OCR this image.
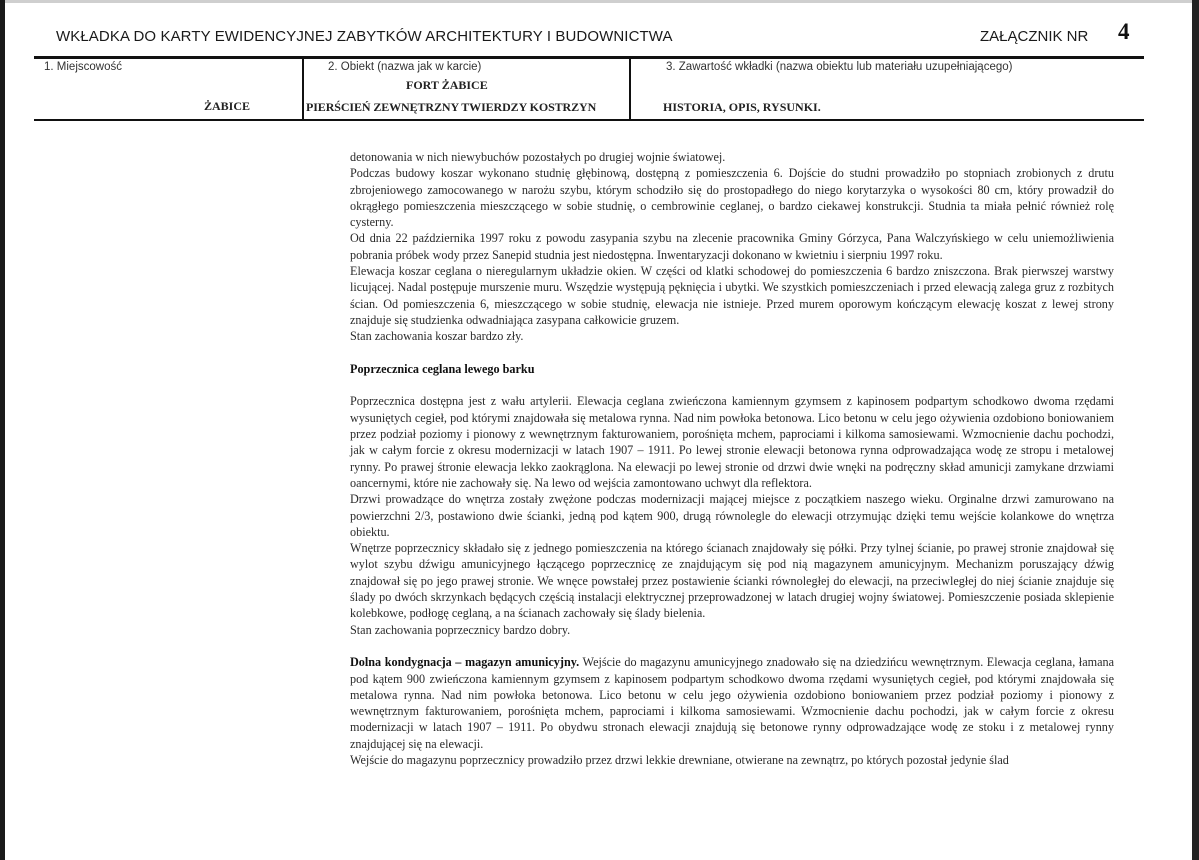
WKŁADKA DO KARTY EWIDENCYJNEJ ZABYTKÓW ARCHITEKTURY I BUDOWNICTWA	ZAŁĄCZNIK NR 4
1. Miejscowość
ŻABICE
2. Obiekt (nazwa jak w karcie)
FORT ŻABICE
PIERŚCIEŃ ZEWNĘTRZNY TWIERDZY KOSTRZYN
3. Zawartość wkładki (nazwa obiektu lub materiału uzupełniającego)
HISTORIA, OPIS, RYSUNKI.

detonowania w nich niewybuchów pozostałych po drugiej wojnie światowej.

Podczas budowy koszar wykonano studnię głębinową, dostępną z pomieszczenia 6. Dojście do studni prowadziło po stopniach zrobionych z drutu zbrojeniowego zamocowanego w narożu szybu, którym schodziło się do prostopadłego do niego korytarzyka o wysokości 80 cm, który prowadził do okrągłego pomieszczenia mieszczącego w sobie studnię, o cembrowinie ceglanej, o bardzo ciekawej konstrukcji. Studnia ta miała pełnić również rolę cysterny.

Od dnia 22 października 1997 roku z powodu zasypania szybu na zlecenie pracownika Gminy Górzyca, Pana Walczyńskiego w celu uniemożliwienia pobrania próbek wody przez Sanepid studnia jest niedostępna. Inwentaryzacji dokonano w kwietniu i sierpniu 1997 roku.

Elewacja koszar ceglana o nieregularnym układzie okien. W części od klatki schodowej do pomieszczenia 6 bardzo zniszczona. Brak pierwszej warstwy licującej. Nadal postępuje murszenie muru. Wszędzie występują pęknięcia i ubytki. We szystkich pomieszczeniach i przed elewacją zalega gruz z rozbitych ścian. Od pomieszczenia 6, mieszczącego w sobie studnię, elewacja nie istnieje. Przed murem oporowym kończącym elewację koszat z lewej strony znajduje się studzienka odwadniająca zasypana całkowicie gruzem.

Stan zachowania koszar bardzo zły.

Poprzecznica ceglana lewego barku

Poprzecznica dostępna jest z wału artylerii. Elewacja ceglana zwieńczona kamiennym gzymsem z kapinosem podpartym schodkowo dwoma rzędami wysuniętych cegieł, pod którymi znajdowała się metalowa rynna. Nad nim powłoka betonowa. Lico betonu w celu jego ożywienia ozdobiono boniowaniem przez podział poziomy i pionowy z wewnętrznym fakturowaniem, porośnięta mchem, paprociami i kilkoma samosiewami. Wzmocnienie dachu pochodzi, jak w całym forcie z okresu modernizacji w latach 1907 – 1911. Po lewej stronie elewacji betonowa rynna odprowadzająca wodę ze stropu i metalowej rynny. Po prawej śtronie elewacja lekko zaokrąglona. Na elewacji po lewej stronie od drzwi dwie wnęki na podręczny skład amunicji zamykane drzwiami oancernymi, które nie zachowały się. Na lewo od wejścia zamontowano uchwyt dla reflektora.

Drzwi prowadzące do wnętrza zostały zwężone podczas modernizacji mającej miejsce z początkiem naszego wieku. Orginalne drzwi zamurowano na powierzchni 2/3, postawiono dwie ścianki, jedną pod kątem 900, drugą równolegle do elewacji otrzymując dzięki temu wejście kolankowe do wnętrza obiektu.

Wnętrze poprzecznicy składało się z jednego pomieszczenia na którego ścianach znajdowały się półki. Przy tylnej ścianie, po prawej stronie znajdował się wylot szybu dźwigu amunicyjnego łączącego poprzecznicę ze znajdującym się pod nią magazynem amunicyjnym. Mechanizm poruszający dźwig znajdował się po jego prawej stronie. We wnęce powstałej przez postawienie ścianki równoległej do elewacji, na przeciwległej do niej ścianie znajduje się ślady po dwóch skrzynkach będących częścią instalacji elektrycznej przeprowadzonej w latach drugiej wojny światowej. Pomieszczenie posiada sklepienie kolebkowe, podłogę ceglaną, a na ścianach zachowały się ślady bielenia.

Stan zachowania poprzecznicy bardzo dobry.

Dolna kondygnacja – magazyn amunicyjny. Wejście do magazynu amunicyjnego znadowało się na dziedzińcu wewnętrznym. Elewacja ceglana, łamana pod kątem 900 zwieńczona kamiennym gzymsem z kapinosem podpartym schodkowo dwoma rzędami wysuniętych cegieł, pod którymi znajdowała się metalowa rynna. Nad nim powłoka betonowa. Lico betonu w celu jego ożywienia ozdobiono boniowaniem przez podział poziomy i pionowy z wewnętrznym fakturowaniem, porośnięta mchem, paprociami i kilkoma samosiewami. Wzmocnienie dachu pochodzi, jak w całym forcie z okresu modernizacji w latach 1907 – 1911. Po obydwu stronach elewacji znajdują się betonowe rynny odprowadzające wodę ze stoku i z metalowej rynny znajdującej się na elewacji.

Wejście do magazynu poprzecznicy prowadziło przez drzwi lekkie drewniane, otwierane na zewnątrz, po których pozostał jedynie ślad
